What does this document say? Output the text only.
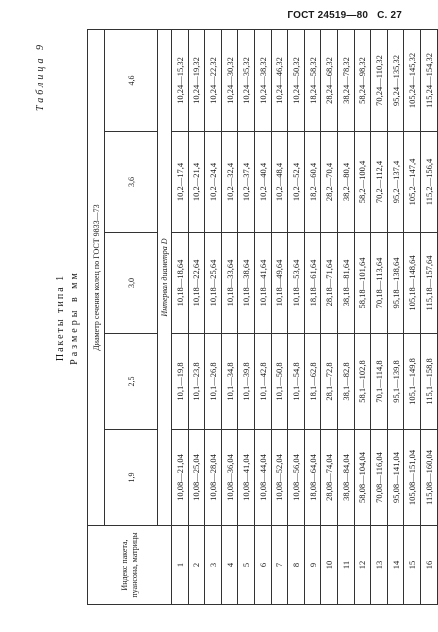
ГОСТ 24519—80 С. 27
Таблица 9
Пакеты типа 1 Размеры в мм
Индекс пакета, пуансона, матрицы	Диаметр сечения колец по ГОСТ 9833—73				
	1,9	2,5	3,0	3,6	4,6
	Интервал диаметра D				
1	10,08—21,04	10,1—19,8	10,18—18,64	10,2—17,4	10,24—15,32
2	10,08—25,04	10,1—23,8	10,18—22,64	10,2—21,4	10,24—19,32
3	10,08—28,04	10,1—26,8	10,18—25,64	10,2—24,4	10,24—22,32
4	10,08—36,04	10,1—34,8	10,18—33,64	10,2—32,4	10,24—30,32
5	10,08—41,04	10,1—39,8	10,18—38,64	10,2—37,4	10,24—35,32
6	10,08—44,04	10,1—42,8	10,18—41,64	10,2—40,4	10,24—38,32
7	10,08—52,04	10,1—50,8	10,18—49,64	10,2—48,4	10,24—46,32
8	10,08—56,04	10,1—54,8	10,18—53,64	10,2—52,4	10,24—50,32
9	18,08—64,04	18,1—62,8	18,18—61,64	18,2—60,4	18,24—58,32
10	28,08—74,04	28,1—72,8	28,18—71,64	28,2—70,4	28,24—68,32
11	38,08—84,04	38,1—82,8	38,18—81,64	38,2—80,4	38,24—78,32
12	58,08—104,04	58,1—102,8	58,18—101,64	58,2—100,4	58,24—98,32
13	70,08—116,04	70,1—114,8	70,18—113,64	70,2—112,4	70,24—110,32
14	95,08—141,04	95,1—139,8	95,18—138,64	95,2—137,4	95,24—135,32
15	105,08—151,04	105,1—149,8	105,18—148,64	105,2—147,4	105,24—145,32
16	115,08—160,04	115,1—158,8	115,18—157,64	115,2—156,4	115,24—154,32
